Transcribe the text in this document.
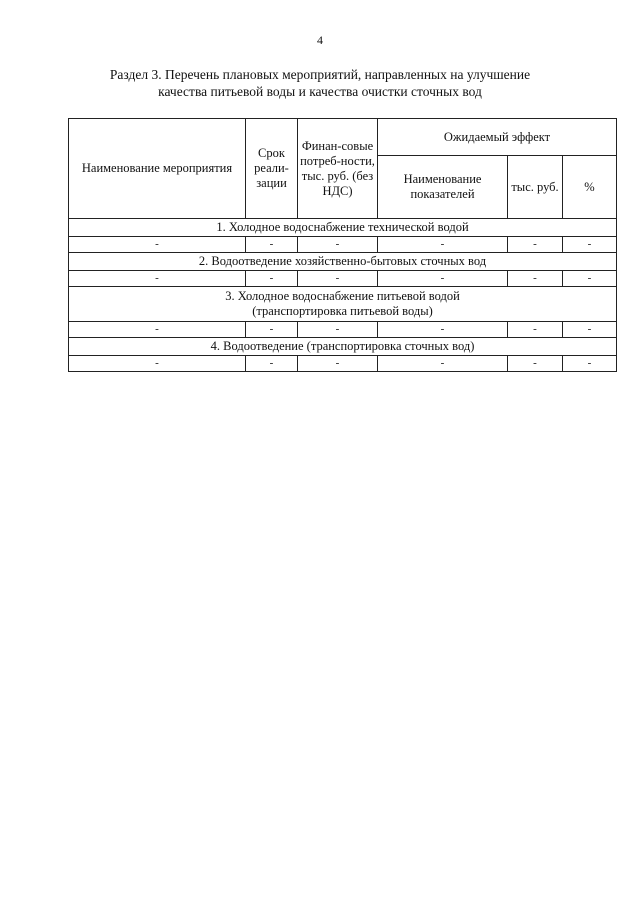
4
Раздел 3. Перечень плановых мероприятий, направленных на улучшение
качества питьевой воды и качества очистки сточных вод
Наименование мероприятия	Срок реали-зации	Финан-совые потреб-ности, тыс. руб. (без НДС)	Ожидаемый эффект		
			Наименование показателей	тыс. руб.	%
1. Холодное водоснабжение технической водой					
-	-	-	-	-	-
2. Водоотведение хозяйственно-бытовых сточных вод					
-	-	-	-	-	-

3. Холодное водоснабжение питьевой водой
(транспортировка питьевой воды)					

-	-	-	-	-	-
4. Водоотведение (транспортировка сточных вод)					
-	-	-	-	-	-
